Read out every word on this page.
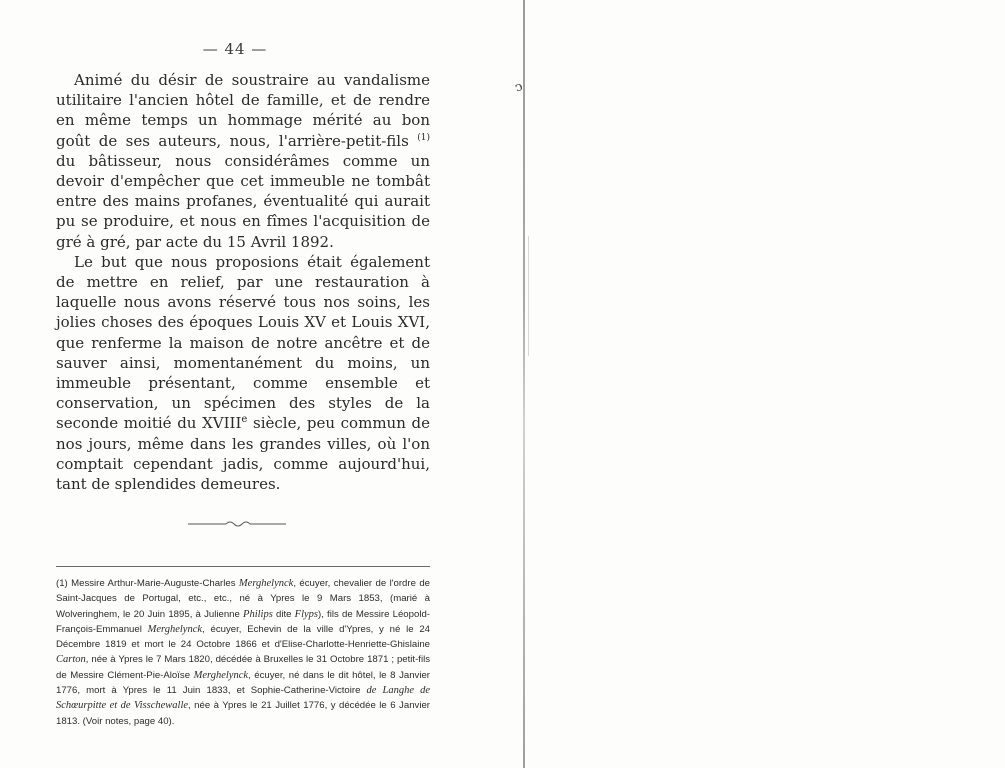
ↄ
— 44 —

Animé du désir de soustraire au vandalisme utilitaire l'ancien hôtel de famille, et de rendre en même temps un hommage mérité au bon goût de ses auteurs, nous, l'arrière-petit-fils $^{(1)}$ du bâtisseur, nous considérâmes comme un devoir d'empêcher que cet immeuble ne tombât entre des mains profanes, éventualité qui aurait pu se produire, et nous en fîmes l'acquisition de gré à gré, par acte du 15 Avril 1892.

Le but que nous proposions était également de mettre en relief, par une restauration à laquelle nous avons réservé tous nos soins, les jolies choses des époques Louis XV et Louis XVI, que renferme la maison de notre ancêtre et de sauver ainsi, momentanément du moins, un immeuble présentant, comme ensemble et conservation, un spécimen des styles de la seconde moitié du XVIIIe siècle, peu commun de nos jours, même dans les grandes villes, où l'on comptait cependant jadis, comme aujourd'hui, tant de splendides demeures.

(1) Messire Arthur-Marie-Auguste-Charles Merghelynck, écuyer, chevalier de l'ordre de Saint-Jacques de Portugal, etc., etc., né à Ypres le 9 Mars 1853, (marié à Wolveringhem, le 20 Juin 1895, à Julienne Philips dite Flyps), fils de Messire Léopold-François-Emmanuel Merghelynck, écuyer, Echevin de la ville d'Ypres, y né le 24 Décembre 1819 et mort le 24 Octobre 1866 et d'Elise-Charlotte-Henriette-Ghislaine Carton, née à Ypres le 7 Mars 1820, décédée à Bruxelles le 31 Octobre 1871 ; petit-fils de Messire Clément-Pie-Aloïse Merghelynck, écuyer, né dans le dit hôtel, le 8 Janvier 1776, mort à Ypres le 11 Juin 1833, et Sophie-Catherine-Victoire de Langhe de Schœurpitte et de Visschewalle, née à Ypres le 21 Juillet 1776, y décédée le 6 Janvier 1813. (Voir notes, page 40).
